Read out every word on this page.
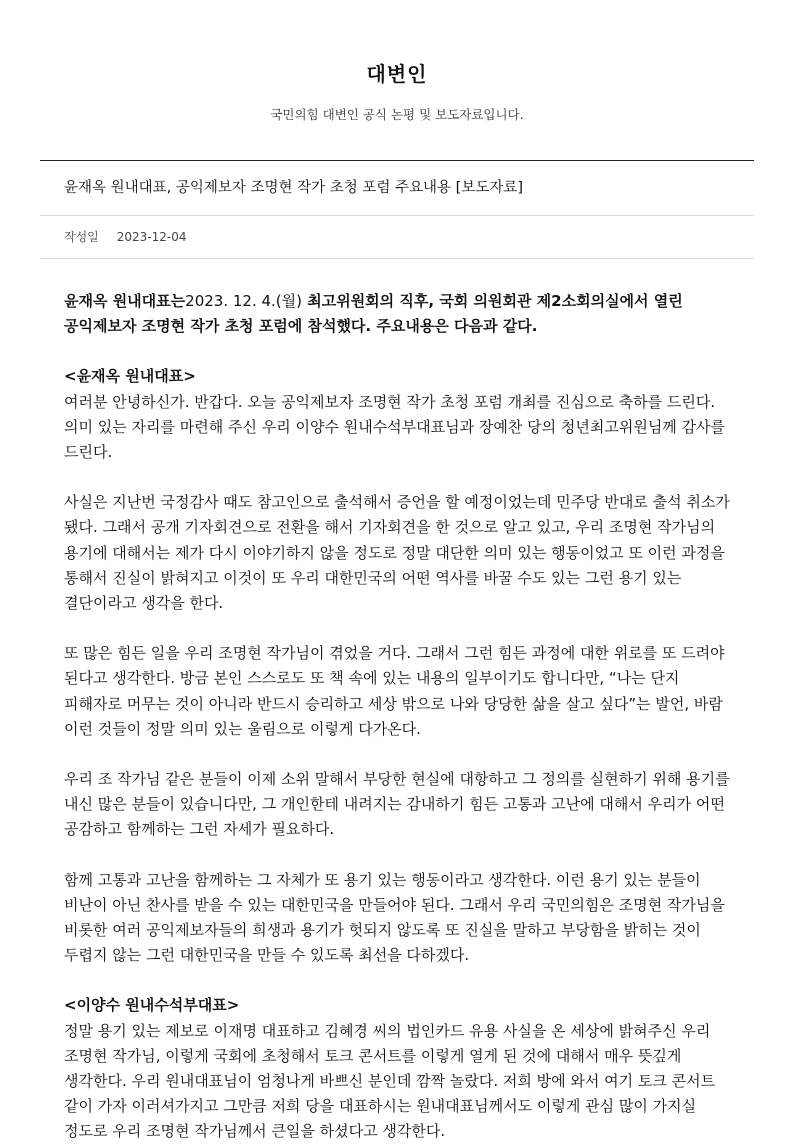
대변인
국민의힘 대변인 공식 논평 및 보도자료입니다.
윤재옥 원내대표, 공익제보자 조명현 작가 초청 포럼 주요내용 [보도자료]
작성일 2023-12-04

윤재옥 원내대표는2023. 12. 4.(월) 최고위원회의 직후, 국회 의원회관 제2소회의실에서 열린 공익제보자 조명현 작가 초청 포럼에 참석했다. 주요내용은 다음과 같다.

<윤재옥 원내대표>

여러분 안녕하신가. 반갑다. 오늘 공익제보자 조명현 작가 초청 포럼 개최를 진심으로 축하를 드린다. 의미 있는 자리를 마련해 주신 우리 이양수 원내수석부대표님과 장예찬 당의 청년최고위원님께 감사를 드린다.

사실은 지난번 국정감사 때도 참고인으로 출석해서 증언을 할 예정이었는데 민주당 반대로 출석 취소가 됐다. 그래서 공개 기자회견으로 전환을 해서 기자회견을 한 것으로 알고 있고, 우리 조명현 작가님의 용기에 대해서는 제가 다시 이야기하지 않을 정도로 정말 대단한 의미 있는 행동이었고 또 이런 과정을 통해서 진실이 밝혀지고 이것이 또 우리 대한민국의 어떤 역사를 바꿀 수도 있는 그런 용기 있는 결단이라고 생각을 한다.

또 많은 힘든 일을 우리 조명현 작가님이 겪었을 거다. 그래서 그런 힘든 과정에 대한 위로를 또 드려야 된다고 생각한다. 방금 본인 스스로도 또 책 속에 있는 내용의 일부이기도 합니다만, “나는 단지 피해자로 머무는 것이 아니라 반드시 승리하고 세상 밖으로 나와 당당한 삶을 살고 싶다”는 발언, 바람 이런 것들이 정말 의미 있는 울림으로 이렇게 다가온다.

우리 조 작가님 같은 분들이 이제 소위 말해서 부당한 현실에 대항하고 그 정의를 실현하기 위해 용기를 내신 많은 분들이 있습니다만, 그 개인한테 내려지는 감내하기 힘든 고통과 고난에 대해서 우리가 어떤 공감하고 함께하는 그런 자세가 필요하다.

함께 고통과 고난을 함께하는 그 자체가 또 용기 있는 행동이라고 생각한다. 이런 용기 있는 분들이 비난이 아닌 찬사를 받을 수 있는 대한민국을 만들어야 된다. 그래서 우리 국민의힘은 조명현 작가님을 비롯한 여러 공익제보자들의 희생과 용기가 헛되지 않도록 또 진실을 말하고 부당함을 밝히는 것이 두렵지 않는 그런 대한민국을 만들 수 있도록 최선을 다하겠다.

<이양수 원내수석부대표>

정말 용기 있는 제보로 이재명 대표하고 김혜경 씨의 법인카드 유용 사실을 온 세상에 밝혀주신 우리 조명현 작가님, 이렇게 국회에 초청해서 토크 콘서트를 이렇게 열게 된 것에 대해서 매우 뜻깊게 생각한다. 우리 원내대표님이 엄청나게 바쁘신 분인데 깜짝 놀랐다. 저희 방에 와서 여기 토크 콘서트 같이 가자 이러셔가지고 그만큼 저희 당을 대표하시는 원내대표님께서도 이렇게 관심 많이 가지실 정도로 우리 조명현 작가님께서 큰일을 하셨다고 생각한다.
